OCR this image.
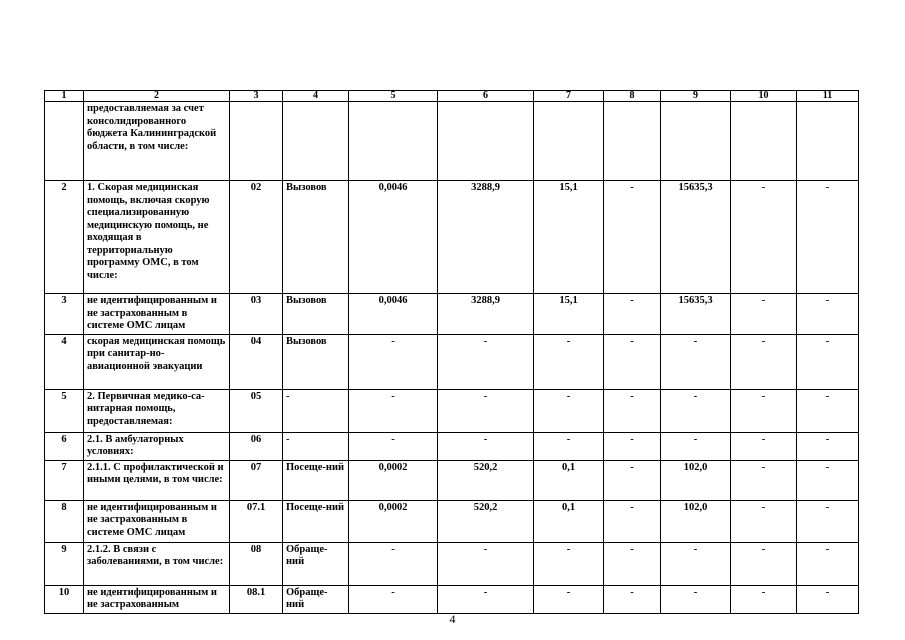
1	2	3	4	5	6	7	8	9	10	11
	предоставляемая за счет консолидированного бюджета Калининградской области, в том числе:									
2	1. Скорая медицинская помощь, включая скорую специализированную медицинскую помощь, не входящая в территориальную программу ОМС, в том числе:	02	Вызовов	0,0046	3288,9	15,1	-	15635,3	-	-
3	не идентифицированным и не застрахованным в системе ОМС лицам	03	Вызовов	0,0046	3288,9	15,1	-	15635,3	-	-
4	скорая медицинская помощь при санитар-но-авиационной эвакуации	04	Вызовов	-	-	-	-	-	-	-
5	2. Первичная медико-са-нитарная помощь, предоставляемая:	05	-	-	-	-	-	-	-	-
6	2.1. В амбулаторных условиях:	06	-	-	-	-	-	-	-	-
7	2.1.1. С профилактической и иными целями, в том числе:	07	Посеще-ний	0,0002	520,2	0,1	-	102,0	-	-
8	не идентифицированным и не застрахованным в системе ОМС лицам	07.1	Посеще-ний	0,0002	520,2	0,1	-	102,0	-	-
9	2.1.2. В связи с заболеваниями, в том числе:	08	Обраще-ний	-	-	-	-	-	-	-
10	не идентифицированным и не застрахованным	08.1	Обраще-ний	-	-	-	-	-	-	-
4
